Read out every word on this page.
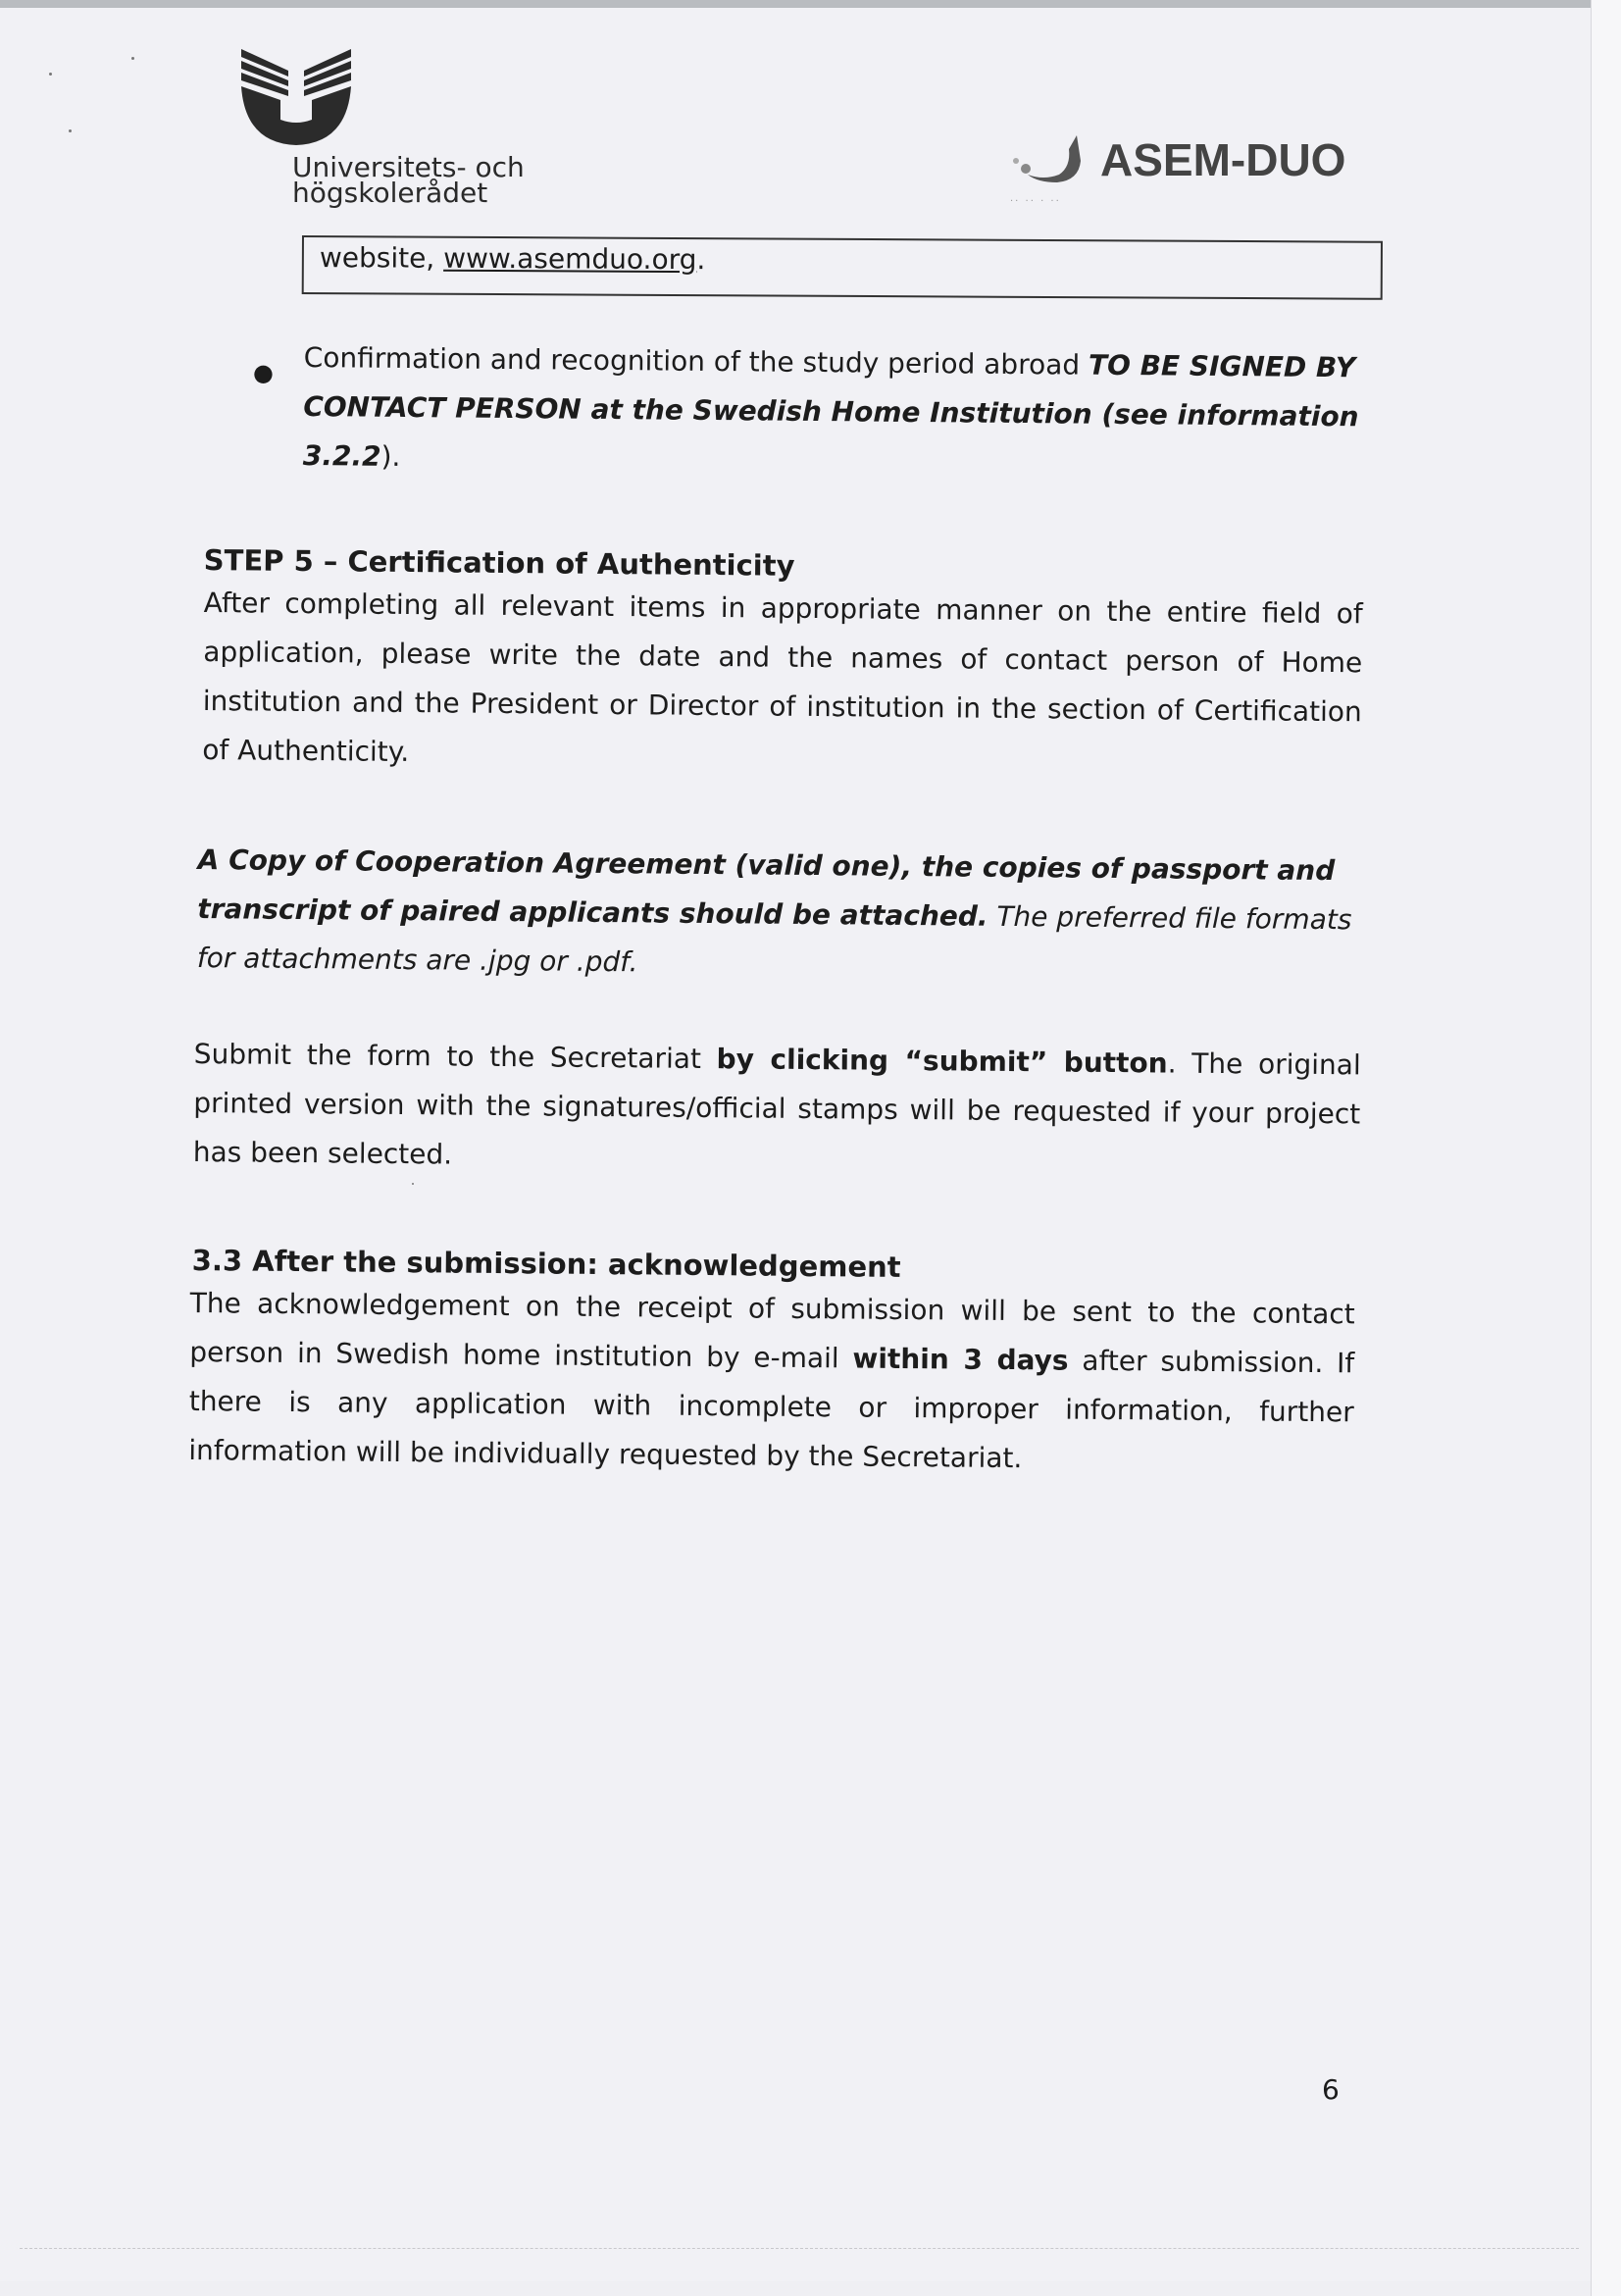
Universitets- och
högskolerådet
ASEM-DUO
·· ·· · ··
website, www.asemduo.org.
● Confirmation and recognition of the study period abroad TO BE SIGNED BY CONTACT PERSON at the Swedish Home Institution (see information 3.2.2).
STEP 5 – Certification of Authenticity
After completing all relevant items in appropriate manner on the entire field of application, please write the date and the names of contact person of Home institution and the President or Director of institution in the section of Certification of Authenticity.
A Copy of Cooperation Agreement (valid one), the copies of passport and transcript of paired applicants should be attached. The preferred file formats for attachments are .jpg or .pdf.
Submit the form to the Secretariat by clicking “submit” button. The original printed version with the signatures/official stamps will be requested if your project has been selected.
3.3 After the submission: acknowledgement
The acknowledgement on the receipt of submission will be sent to the contact person in Swedish home institution by e-mail within 3 days after submission. If there is any application with incomplete or improper information, further information will be individually requested by the Secretariat.
6
